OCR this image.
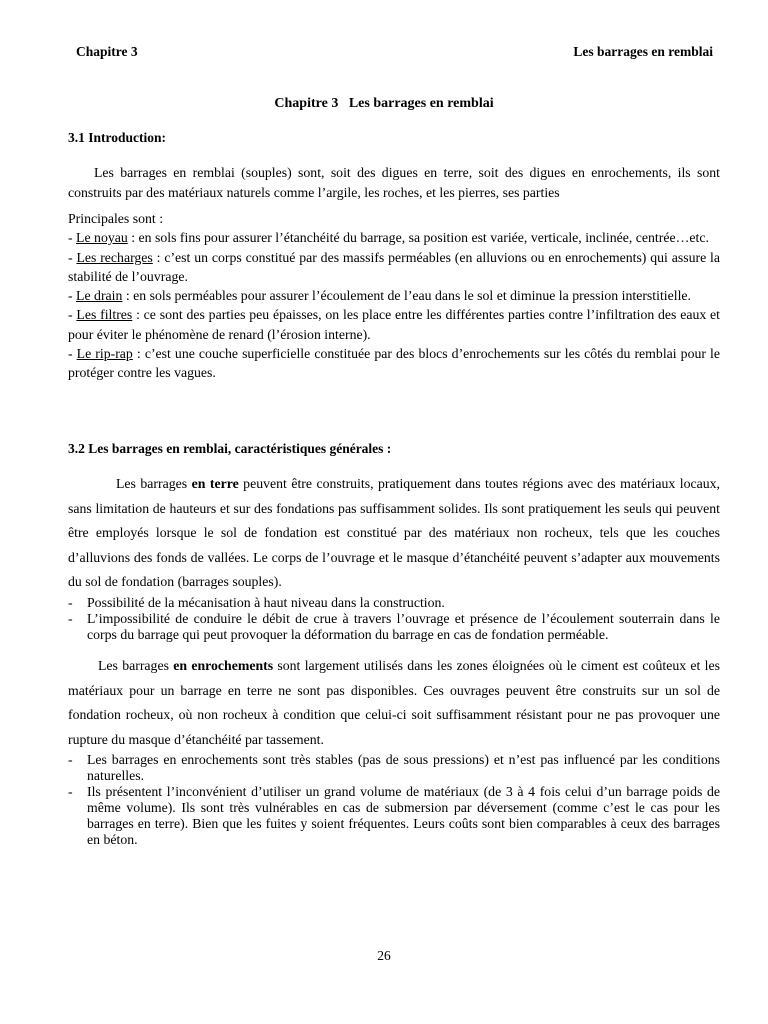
Chapitre 3	Les barrages en remblai
Chapitre 3   Les barrages en remblai
3.1 Introduction:

Les barrages en remblai (souples) sont, soit des digues en terre, soit des digues en enrochements, ils sont construits par des matériaux naturels comme l’argile, les roches, et les pierres, ses parties

Principales sont :

- Le noyau : en sols fins pour assurer l’étanchéité du barrage, sa position est variée, verticale, inclinée, centrée…etc.

- Les recharges : c’est un corps constitué par des massifs perméables (en alluvions ou en enrochements) qui assure la stabilité de l’ouvrage.

- Le drain : en sols perméables pour assurer l’écoulement de l’eau dans le sol et diminue la pression interstitielle.

- Les filtres : ce sont des parties peu épaisses, on les place entre les différentes parties contre l’infiltration des eaux et pour éviter le phénomène de renard (l’érosion interne).

- Le rip-rap : c’est une couche superficielle constituée par des blocs d’enrochements sur les côtés du remblai pour le protéger contre les vagues.

3.2 Les barrages en remblai, caractéristiques générales :

Les barrages en terre peuvent être construits, pratiquement dans toutes régions avec des matériaux locaux, sans limitation de hauteurs et sur des fondations pas suffisamment solides. Ils sont pratiquement les seuls qui peuvent être employés lorsque le sol de fondation est constitué par des matériaux non rocheux, tels que les couches d’alluvions des fonds de vallées. Le corps de l’ouvrage et le masque d’étanchéité peuvent s’adapter aux mouvements du sol de fondation (barrages souples).

-	Possibilité de la mécanisation à haut niveau dans la construction.
-	L’impossibilité de conduire le débit de crue à travers l’ouvrage et présence de l’écoulement souterrain dans le corps du barrage qui peut provoquer la déformation du barrage en cas de fondation perméable.

Les barrages en enrochements sont largement utilisés dans les zones éloignées où le ciment est coûteux et les matériaux pour un barrage en terre ne sont pas disponibles. Ces ouvrages peuvent être construits sur un sol de fondation rocheux, où non rocheux à condition que celui-ci soit suffisamment résistant pour ne pas provoquer une rupture du masque d’étanchéité par tassement.

-	Les barrages en enrochements sont très stables (pas de sous pressions) et n’est pas influencé par les conditions naturelles.
-	Ils présentent l’inconvénient d’utiliser un grand volume de matériaux (de 3 à 4 fois celui d’un barrage poids de même volume). Ils sont très vulnérables en cas de submersion par déversement (comme c’est le cas pour les barrages en terre). Bien que les fuites y soient fréquentes. Leurs coûts sont bien comparables à ceux des barrages en béton.
26
